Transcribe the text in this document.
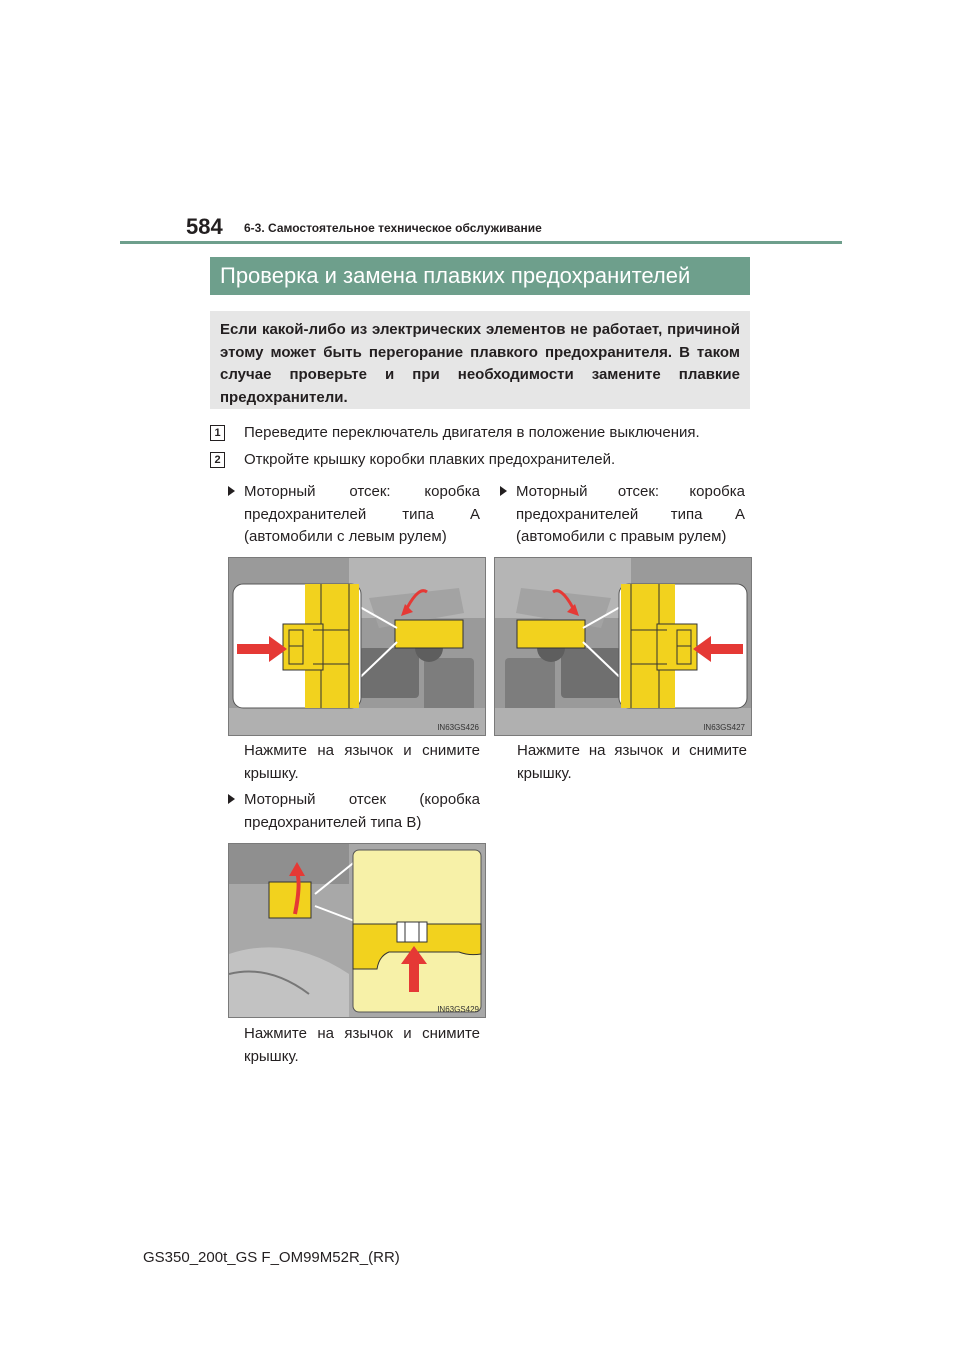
584 6-3. Самостоятельное техническое обслуживание
Проверка и замена плавких предохранителей
Если какой-либо из электрических элементов не работает, причиной этому может быть перегорание плавкого предохранителя. В таком случае проверьте и при необходимости замените плавкие предохранители.
1 Переведите переключатель двигателя в положение выключения.
2 Откройте крышку коробки плавких предохранителей.
Моторный отсек: коробка
предохранителей типа А
(автомобили с левым рулем)
Моторный отсек: коробка
предохранителей типа А
(автомобили с правым рулем)
IN63GS426	IN63GS427
Нажмите на язычок и снимите крышку.
Нажмите на язычок и снимите крышку.
Моторный отсек (коробка
предохранителей типа В)
IN63GS429
Нажмите на язычок и снимите крышку.
GS350_200t_GS F_OM99M52R_(RR)
